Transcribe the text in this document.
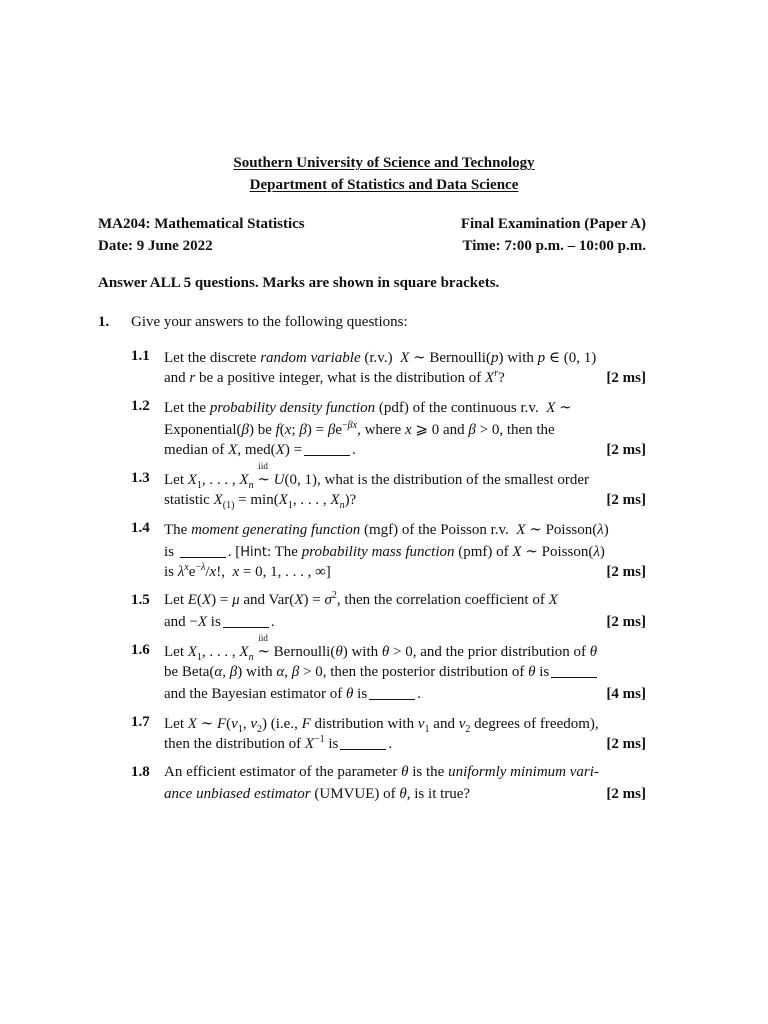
Southern University of Science and Technology
Department of Statistics and Data Science
MA204: Mathematical Statistics	Final Examination (Paper A)
Date: 9 June 2022	Time: 7:00 p.m. – 10:00 p.m.
Answer ALL 5 questions. Marks are shown in square brackets.
1. Give your answers to the following questions:
1.1 Let the discrete random variable (r.v.)  X ∼ Bernoulli(p) with p ∈ (0, 1)
and r be a positive integer, what is the distribution of $X^r$?	[2 ms]
1.2 Let the probability density function (pdf) of the continuous r.v.  X ∼
Exponential(β) be f(x; $\beta) = \beta e^{-\beta x}$, where x ⩾ 0 and β > 0, then the
median of X, med(X) =	.	[2 ms]
1.3 Let $X_1$, . . . , $X_n$
iid
∼ U(0, 1), what is the distribution of the smallest order
statistic $X_{(1)} = \min(X_1$, . . . , $X_n$)?	[2 ms]
1.4 The moment generating function (mgf) of the Poisson r.v.  X ∼ Poisson(λ)
is	. [Hint: The probability mass function (pmf) of X ∼ Poisson(λ)
is $\lambda^xe^{-\lambda}/x$!,  x = 0, 1, . . . , ∞]	[2 ms]
1.5 Let E(X) = μ and $Var(X) = \sigma^2$, then the correlation coefficient of X
and −X is	.	[2 ms]
1.6 Let $X_1$, . . . , $X_n$
iid
∼ Bernoulli(θ) with θ > 0, and the prior distribution of θ
be Beta(α, β) with α, β > 0, then the posterior distribution of θ is
and the Bayesian estimator of θ is	.	[4 ms]
1.7 Let X ∼ $F(\nu_1$, $\nu_2$) (i.e., F distribution with $\nu_1$ and $\nu_2$ degrees of freedom),
then the distribution of $X^{-1}$ is	.	[2 ms]
1.8 An efficient estimator of the parameter θ is the uniformly minimum vari-
ance unbiased estimator (UMVUE) of θ, is it true?	[2 ms]
